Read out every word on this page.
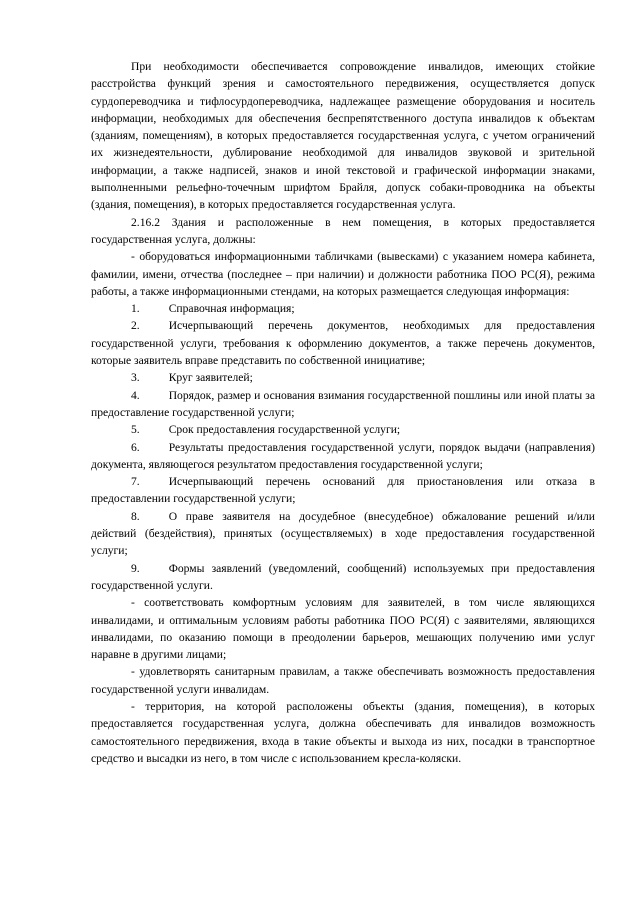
При необходимости обеспечивается сопровождение инвалидов, имеющих стойкие расстройства функций зрения и самостоятельного передвижения, осуществляется допуск сурдопереводчика и тифлосурдопереводчика, надлежащее размещение оборудования и носитель информации, необходимых для обеспечения беспрепятственного доступа инвалидов к объектам (зданиям, помещениям), в которых предоставляется государственная услуга, с учетом ограничений их жизнедеятельности, дублирование необходимой для инвалидов звуковой и зрительной информации, а также надписей, знаков и иной текстовой и графической информации знаками, выполненными рельефно-точечным шрифтом Брайля, допуск собаки-проводника на объекты (здания, помещения), в которых предоставляется государственная услуга.

2.16.2 Здания и расположенные в нем помещения, в которых предоставляется государственная услуга, должны:

- оборудоваться информационными табличками (вывесками) с указанием номера кабинета, фамилии, имени, отчества (последнее – при наличии) и должности работника ПОО РС(Я), режима работы, а также информационными стендами, на которых размещается следующая информация:

1.    Справочная информация;

2.    Исчерпывающий перечень документов, необходимых для предоставления государственной услуги, требования к оформлению документов, а также перечень документов, которые заявитель вправе представить по собственной инициативе;

3.    Круг заявителей;

4.    Порядок, размер и основания взимания государственной пошлины или иной платы за предоставление государственной услуги;

5.    Срок предоставления государственной услуги;

6.    Результаты предоставления государственной услуги, порядок выдачи (направления) документа, являющегося результатом предоставления государственной услуги;

7.    Исчерпывающий перечень оснований для приостановления или отказа в предоставлении государственной услуги;

8.    О праве заявителя на досудебное (внесудебное) обжалование решений и/или действий (бездействия), принятых (осуществляемых) в ходе предоставления государственной услуги;

9.    Формы заявлений (уведомлений, сообщений) используемых при предоставления государственной услуги.

- соответствовать комфортным условиям для заявителей, в том числе являющихся инвалидами, и оптимальным условиям работы работника ПОО РС(Я) с заявителями, являющихся инвалидами, по оказанию помощи в преодолении барьеров, мешающих получению ими услуг наравне в другими лицами;

- удовлетворять санитарным правилам, а также обеспечивать возможность предоставления государственной услуги инвалидам.

- территория, на которой расположены объекты (здания, помещения), в которых предоставляется государственная услуга, должна обеспечивать для инвалидов возможность самостоятельного передвижения, входа в такие объекты и выхода из них, посадки в транспортное средство и высадки из него, в том числе с использованием кресла-коляски.
